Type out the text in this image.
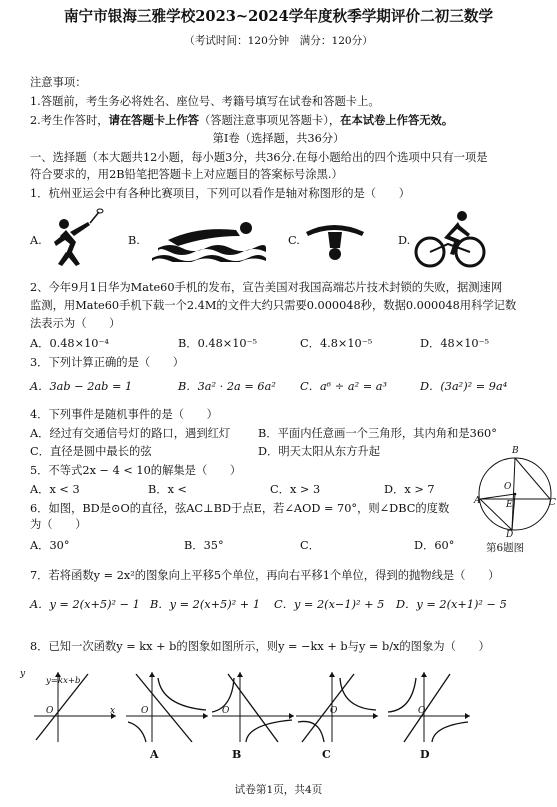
南宁市银海三雅学校2023~2024学年度秋季学期评价二初三数学
（考试时间：120分钟　满分：120分）
注意事项：
1.答题前，考生务必将姓名、座位号、考籍号填写在试卷和答题卡上。
2.考生作答时，请在答题卡上作答（答题注意事项见答题卡），在本试卷上作答无效。
第Ⅰ卷（选择题，共36分）
一、选择题（本大题共12小题，每小题3分，共36分.在每小题给出的四个选项中只有一项是
符合要求的，用2B铅笔把答题卡上对应题目的答案标号涂黑.）
1．杭州亚运会中有各种比赛项目，下列可以看作是轴对称图形的是（　　）
A.	B.	C.	D.
2、今年9月1日华为Mate60手机的发布，宣告美国对我国高端芯片技术封锁的失败，据测速网
监测，用Mate60手机下载一个2.4M的文件大约只需要0.000048秒，数据0.000048用科学记数
法表示为（　　）
A．0.48×10⁻⁴	B．0.48×10⁻⁵	C．4.8×10⁻⁵	D．48×10⁻⁵
3．下列计算正确的是（　　）
A．3ab − 2ab = 1	B．3a² · 2a = 6a² C．a⁶ ÷ a² = a³	D．(3a²)² = 9a⁴
4．下列事件是随机事件的是（　　）
A．经过有交通信号灯的路口，遇到红灯 B．平面内任意画一个三角形，其内角和是360°
C．直径是圆中最长的弦	D．明天太阳从东方升起
5．不等式2x − 4 < 10的解集是（　　）
A．x < 3	B．x <	C．x > 3	D．x > 7
6．如图，BD是⊙O的直径，弦AC⊥BD于点E，若∠AOD = 70°，则∠DBC的度数
为（　　）
A．30°	B．35°	C．	D．60°
B
O
A	E	C
D
第6题图
7．若将函数y = 2x²的图象向上平移5个单位，再向右平移1个单位，得到的抛物线是（　　）
A．y = 2(x+5)² − 1 B．y = 2(x+5)² + 1 C．y = 2(x−1)² + 5 D．y = 2(x+1)² − 5
8．已知一次函数y = kx + b的图象如图所示，则y = −kx + b与y = b/x的图象为（　　）
y=kx+b
y
x
O	O
A
O
B
O
C
O
D
试卷第1页，共4页
